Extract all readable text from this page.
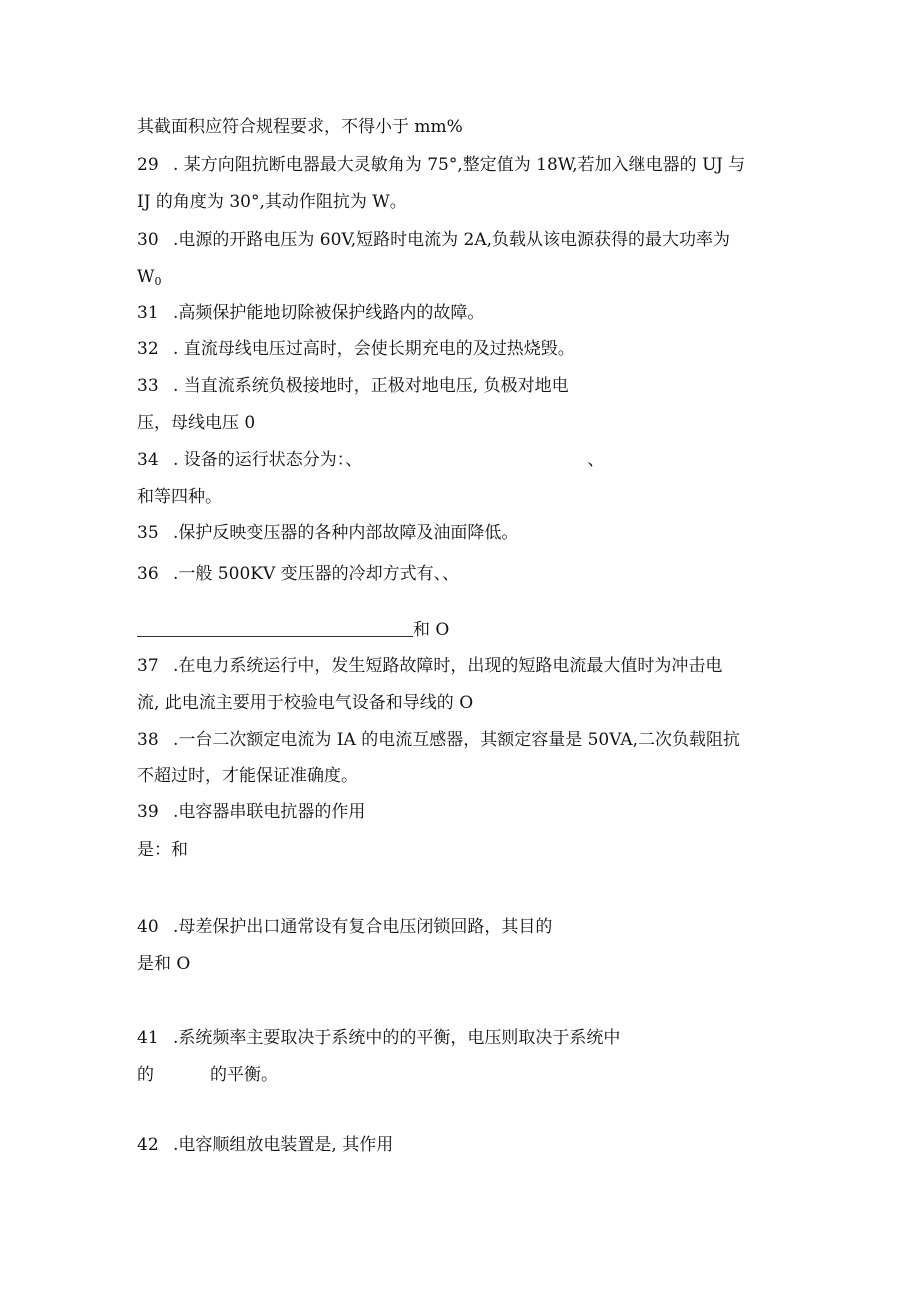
其截面积应符合规程要求，不得小于 mm%
29 . 某方向阻抗断电器最大灵敏角为 75°,整定值为 18W,若加入继电器的 UJ 与
IJ 的角度为 30°,其动作阻抗为 W。
30 .电源的开路电压为 60V,短路时电流为 2A,负载从该电源获得的最大功率为
$W_0$
31 .高频保护能地切除被保护线路内的故障。
32 . 直流母线电压过高时，会使长期充电的及过热烧毁。
33 . 当直流系统负极接地时，正极对地电压, 负极对地电
压，母线电压 0
34 . 设备的运行状态分为：、	、
和等四种。
35 .保护反映变压器的各种内部故障及油面降低。
36 .一般 500KV 变压器的冷却方式有、、
和 O
37 .在电力系统运行中，发生短路故障时，出现的短路电流最大值时为冲击电
流, 此电流主要用于校验电气设备和导线的 O
38 .一台二次额定电流为 IA 的电流互感器，其额定容量是 50VA,二次负载阻抗
不超过时，才能保证准确度。
39 .电容器串联电抗器的作用
是：和
40 .母差保护出口通常设有复合电压闭锁回路，其目的
是和 O
41 .系统频率主要取决于系统中的的平衡，电压则取决于系统中
的	的平衡。
42 .电容顺组放电装置是, 其作用
